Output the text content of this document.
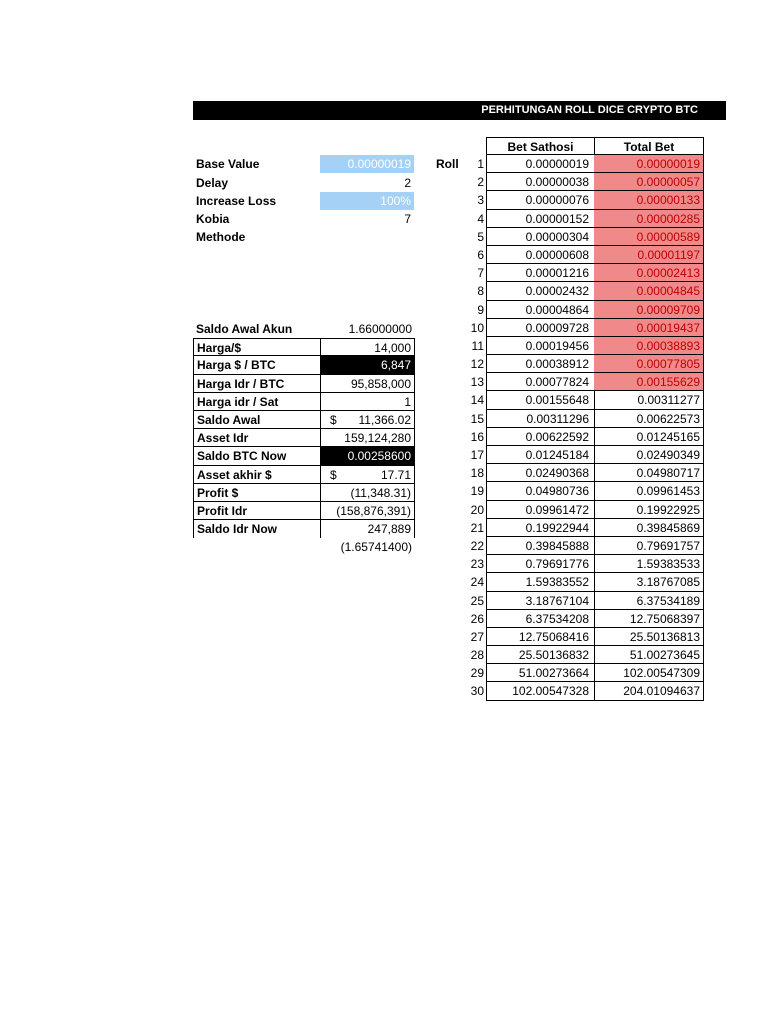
PERHITUNGAN ROLL DICE CRYPTO BTC
Base Value	0.00000019
Delay	2
Increase Loss	100%
Kobia	7
Methode
Saldo Awal Akun	1.66000000
Harga/$	14,000
Harga $ / BTC	6,847
Harga Idr / BTC	95,858,000
Harga idr / Sat	1
Saldo Awal	$ 11,366.02
Asset Idr	159,124,280
Saldo BTC Now	0.00258600
Asset akhir $	$	17.71
Profit $	(11,348.31)
Profit Idr	(158,876,391)
Saldo Idr Now	247,889
(1.65741400)
Roll
Bet Sathosi	Total Bet
1	0.00000019	0.00000019
2	0.00000038	0.00000057
3	0.00000076	0.00000133
4	0.00000152	0.00000285
5	0.00000304	0.00000589
6	0.00000608	0.00001197
7	0.00001216	0.00002413
8	0.00002432	0.00004845
9	0.00004864	0.00009709
10	0.00009728	0.00019437
11	0.00019456	0.00038893
12	0.00038912	0.00077805
13	0.00077824	0.00155629
14	0.00155648	0.00311277
15	0.00311296	0.00622573
16	0.00622592	0.01245165
17	0.01245184	0.02490349
18	0.02490368	0.04980717
19	0.04980736	0.09961453
20	0.09961472	0.19922925
21	0.19922944	0.39845869
22	0.39845888	0.79691757
23	0.79691776	1.59383533
24	1.59383552	3.18767085
25	3.18767104	6.37534189
26	6.37534208	12.75068397
27	12.75068416	25.50136813
28	25.50136832	51.00273645
29	51.00273664	102.00547309
30	102.00547328	204.01094637
